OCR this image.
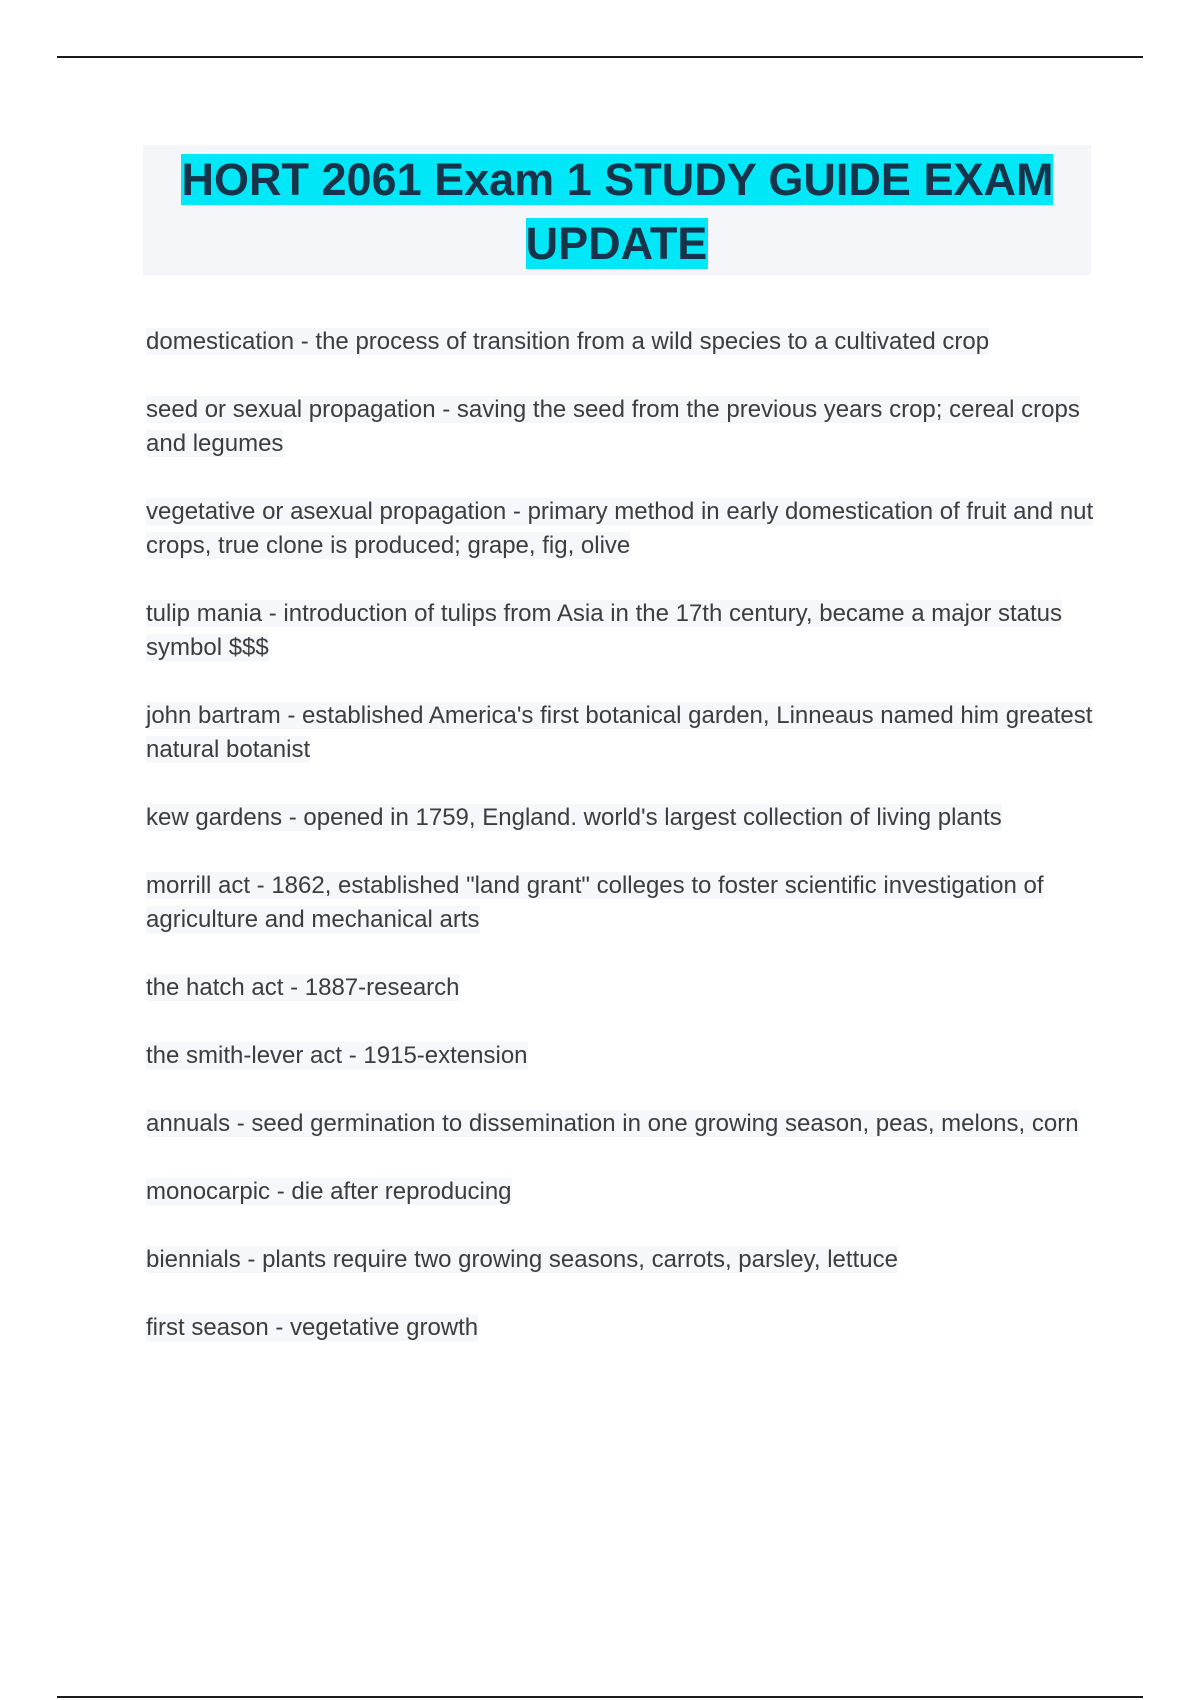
HORT 2061 Exam 1 STUDY GUIDE EXAM UPDATE

domestication - the process of transition from a wild species to a cultivated crop

seed or sexual propagation - saving the seed from the previous years crop; cereal crops and legumes

vegetative or asexual propagation - primary method in early domestication of fruit and nut crops, true clone is produced; grape, fig, olive

tulip mania - introduction of tulips from Asia in the 17th century, became a major status symbol $$$

john bartram - established America's first botanical garden, Linneaus named him greatest natural botanist

kew gardens - opened in 1759, England. world's largest collection of living plants

morrill act - 1862, established "land grant" colleges to foster scientific investigation of agriculture and mechanical arts

the hatch act - 1887-research

the smith-lever act - 1915-extension

annuals - seed germination to dissemination in one growing season, peas, melons, corn

monocarpic - die after reproducing

biennials - plants require two growing seasons, carrots, parsley, lettuce

first season - vegetative growth
